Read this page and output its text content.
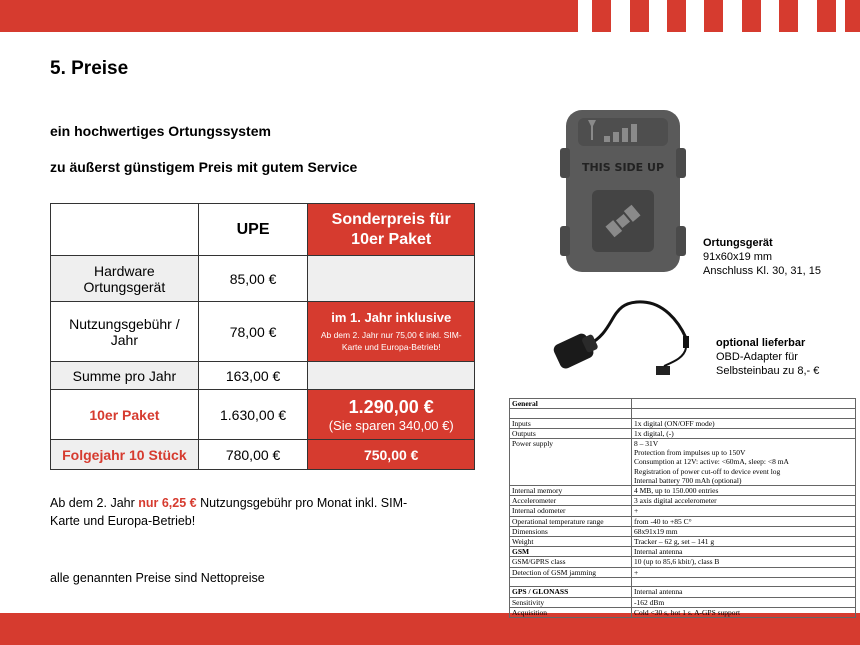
5. Preise
ein hochwertiges Ortungssystem
zu äußerst günstigem Preis mit gutem Service
	UPE	Sonderpreis für 10er Paket
Hardware Ortungsgerät	85,00 €	
Nutzungsgebühr / Jahr	78,00 €	im 1. Jahr inklusive
Ab dem 2. Jahr nur 75,00 € inkl. SIM-Karte und Europa-Betrieb!

Summe pro Jahr	163,00 €	
10er Paket	1.630,00 €	1.290,00 €
(Sie sparen 340,00 €)

Folgejahr 10 Stück	780,00 €	750,00 €
Ab dem 2. Jahr nur 6,25 € Nutzungsgebühr pro Monat inkl. SIM-Karte und Europa-Betrieb!
alle genannten Preise sind Nettopreise
THIS SIDE UP
Ortungsgerät
91x60x19 mm
Anschluss Kl. 30, 31, 15
optional lieferbar
OBD-Adapter für
Selbsteinbau zu 8,- €
General	

Inputs	1x digital (ON/OFF mode)

Outputs	1x digital, (-)

Power supply	8 – 31V
Protection from impulses up to 150V
Consumption at 12V: active: <60mA, sleep: <8 mA
Registration of power cut-off to device event log
Internal battery 700 mAh (optional)

Internal memory	4 MB, up to 150.000 entries

Accelerometer	3 axis digital accelerometer

Internal odometer	+

Operational temperature range	from -40 to +85 C°

Dimensions	68x91x19 mm

Weight	Tracker – 62 g, set – 141 g

GSM	Internal antenna

GSM/GPRS class	10 (up to 85,6 kbit/), class B

Detection of GSM jamming	+

GPS / GLONASS	Internal antenna

Sensitivity	-162 dBm

Acquisition	Cold <30 s, hot 1 s. A-GPS support
